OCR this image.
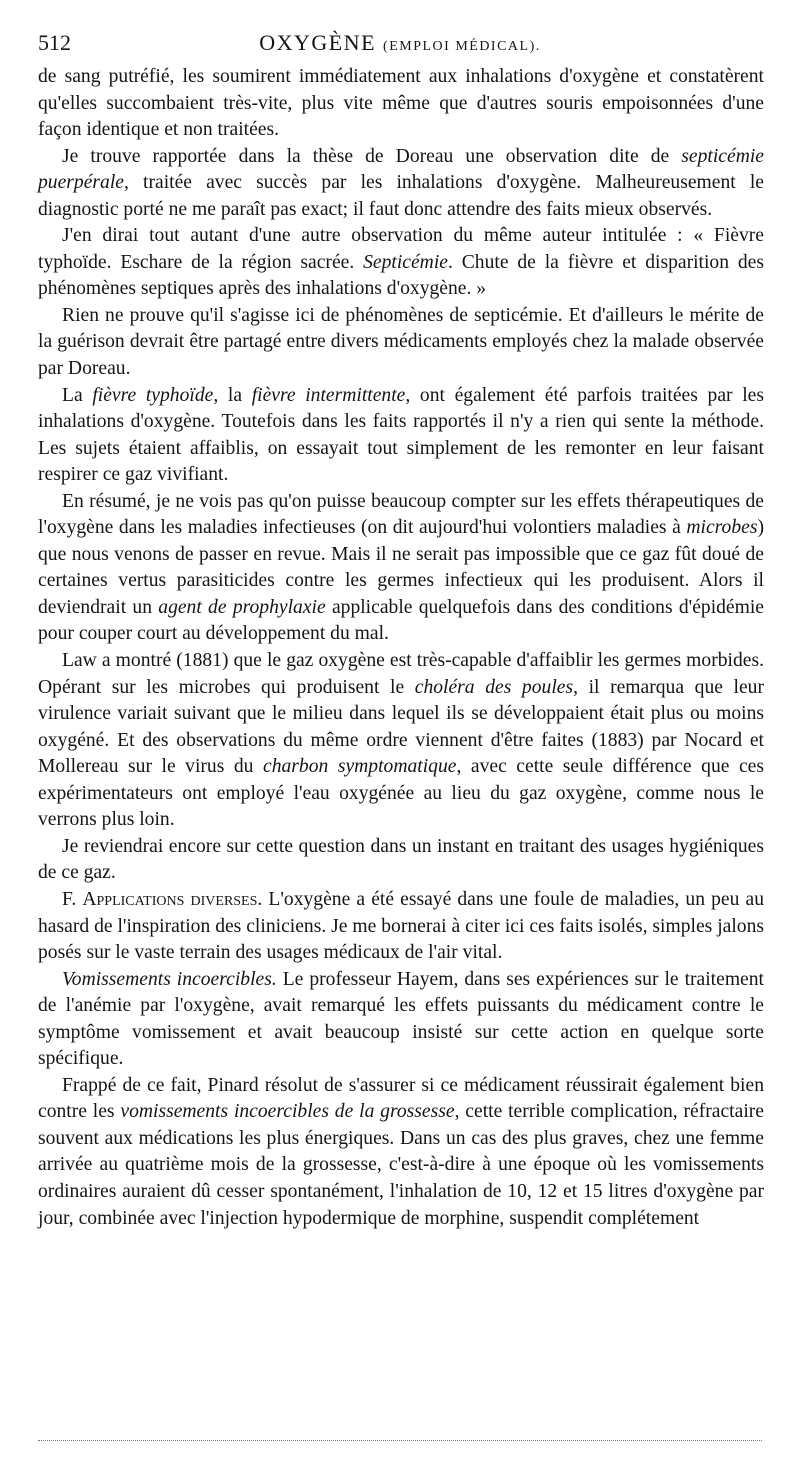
512	OXYGÈNE (EMPLOI MÉDICAL).

de sang putréfié, les soumirent immédiatement aux inhalations d'oxygène et constatèrent qu'elles succombaient très-vite, plus vite même que d'autres souris empoisonnées d'une façon identique et non traitées.

Je trouve rapportée dans la thèse de Doreau une observation dite de septicémie puerpérale, traitée avec succès par les inhalations d'oxygène. Malheureusement le diagnostic porté ne me paraît pas exact; il faut donc attendre des faits mieux observés.

J'en dirai tout autant d'une autre observation du même auteur intitulée : « Fièvre typhoïde. Eschare de la région sacrée. Septicémie. Chute de la fièvre et disparition des phénomènes septiques après des inhalations d'oxygène. »

Rien ne prouve qu'il s'agisse ici de phénomènes de septicémie. Et d'ailleurs le mérite de la guérison devrait être partagé entre divers médicaments employés chez la malade observée par Doreau.

La fièvre typhoïde, la fièvre intermittente, ont également été parfois traitées par les inhalations d'oxygène. Toutefois dans les faits rapportés il n'y a rien qui sente la méthode. Les sujets étaient affaiblis, on essayait tout simplement de les remonter en leur faisant respirer ce gaz vivifiant.

En résumé, je ne vois pas qu'on puisse beaucoup compter sur les effets thérapeutiques de l'oxygène dans les maladies infectieuses (on dit aujourd'hui volontiers maladies à microbes) que nous venons de passer en revue. Mais il ne serait pas impossible que ce gaz fût doué de certaines vertus parasiticides contre les germes infectieux qui les produisent. Alors il deviendrait un agent de prophylaxie applicable quelquefois dans des conditions d'épidémie pour couper court au développement du mal.

Law a montré (1881) que le gaz oxygène est très-capable d'affaiblir les germes morbides. Opérant sur les microbes qui produisent le choléra des poules, il remarqua que leur virulence variait suivant que le milieu dans lequel ils se développaient était plus ou moins oxygéné. Et des observations du même ordre viennent d'être faites (1883) par Nocard et Mollereau sur le virus du charbon symptomatique, avec cette seule différence que ces expérimentateurs ont employé l'eau oxygénée au lieu du gaz oxygène, comme nous le verrons plus loin.

Je reviendrai encore sur cette question dans un instant en traitant des usages hygiéniques de ce gaz.

F. Applications diverses. L'oxygène a été essayé dans une foule de maladies, un peu au hasard de l'inspiration des cliniciens. Je me bornerai à citer ici ces faits isolés, simples jalons posés sur le vaste terrain des usages médicaux de l'air vital.

Vomissements incoercibles. Le professeur Hayem, dans ses expériences sur le traitement de l'anémie par l'oxygène, avait remarqué les effets puissants du médicament contre le symptôme vomissement et avait beaucoup insisté sur cette action en quelque sorte spécifique.

Frappé de ce fait, Pinard résolut de s'assurer si ce médicament réussirait également bien contre les vomissements incoercibles de la grossesse, cette terrible complication, réfractaire souvent aux médications les plus énergiques. Dans un cas des plus graves, chez une femme arrivée au quatrième mois de la grossesse, c'est-à-dire à une époque où les vomissements ordinaires auraient dû cesser spontanément, l'inhalation de 10, 12 et 15 litres d'oxygène par jour, combinée avec l'injection hypodermique de morphine, suspendit complétement
